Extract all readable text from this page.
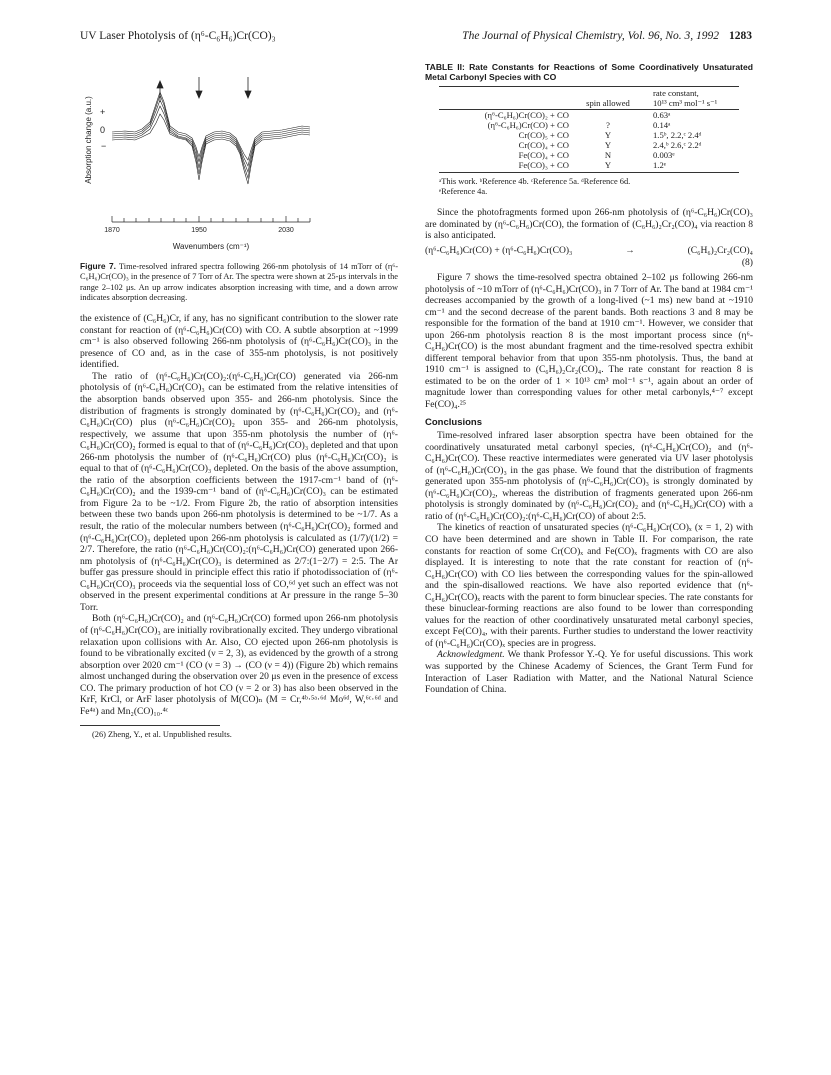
UV Laser Photolysis of (η⁶-C₆H₆)Cr(CO)₃	The Journal of Physical Chemistry, Vol. 96, No. 3, 1992 1283
Absorption change (a.u.) +
0
−
1870	1950	2030
Wavenumbers (cm⁻¹)
Figure 7. Time-resolved infrared spectra following 266-nm photolysis of 14 mTorr of (η⁶-C₆H₆)Cr(CO)₃ in the presence of 7 Torr of Ar. The spectra were shown at 25-μs intervals in the range 2–102 μs. An up arrow indicates absorption increasing with time, and a down arrow indicates absorption decreasing.

the existence of (C₆H₆)Cr, if any, has no significant contribution to the slower rate constant for reaction of (η⁶-C₆H₆)Cr(CO) with CO. A subtle absorption at ~1999 cm⁻¹ is also observed following 266-nm photolysis of (η⁶-C₆H₆)Cr(CO)₃ in the presence of CO and, as in the case of 355-nm photolysis, is not positively identified.

The ratio of (η⁶-C₆H₆)Cr(CO)₂:(η⁶-C₆H₆)Cr(CO) generated via 266-nm photolysis of (η⁶-C₆H₆)Cr(CO)₃ can be estimated from the relative intensities of the absorption bands observed upon 355- and 266-nm photolysis. Since the distribution of fragments is strongly dominated by (η⁶-C₆H₆)Cr(CO)₂ and (η⁶-C₆H₆)Cr(CO) plus (η⁶-C₆H₆)Cr(CO)₂ upon 355- and 266-nm photolysis, respectively, we assume that upon 355-nm photolysis the number of (η⁶-C₆H₆)Cr(CO)₂ formed is equal to that of (η⁶-C₆H₆)Cr(CO)₃ depleted and that upon 266-nm photolysis the number of (η⁶-C₆H₆)Cr(CO) plus (η⁶-C₆H₆)Cr(CO)₂ is equal to that of (η⁶-C₆H₆)Cr(CO)₃ depleted. On the basis of the above assumption, the ratio of the absorption coefficients between the 1917-cm⁻¹ band of (η⁶-C₆H₆)Cr(CO)₂ and the 1939-cm⁻¹ band of (η⁶-C₆H₆)Cr(CO)₃ can be estimated from Figure 2a to be ~1/2. From Figure 2b, the ratio of absorption intensities between these two bands upon 266-nm photolysis is determined to be ~1/7. As a result, the ratio of the molecular numbers between (η⁶-C₆H₆)Cr(CO)₂ formed and (η⁶-C₆H₆)Cr(CO)₃ depleted upon 266-nm photolysis is calculated as (1/7)/(1/2) = 2/7. Therefore, the ratio (η⁶-C₆H₆)Cr(CO)₂:(η⁶-C₆H₆)Cr(CO) generated upon 266-nm photolysis of (η⁶-C₆H₆)Cr(CO)₃ is determined as 2/7:(1−2/7) = 2:5. The Ar buffer gas pressure should in principle effect this ratio if photodissociation of (η⁶-C₆H₆)Cr(CO)₃ proceeds via the sequential loss of CO,⁶ᵈ yet such an effect was not observed in the present experimental conditions at Ar pressure in the range 5–30 Torr.

Both (η⁶-C₆H₆)Cr(CO)₂ and (η⁶-C₆H₆)Cr(CO) formed upon 266-nm photolysis of (η⁶-C₆H₆)Cr(CO)₃ are initially rovibrationally excited. They undergo vibrational relaxation upon collisions with Ar. Also, CO ejected upon 266-nm photolysis is found to be vibrationally excited (ν = 2, 3), as evidenced by the growth of a strong absorption over 2020 cm⁻¹ (CO (ν = 3) → (CO (ν = 4)) (Figure 2b) which remains almost unchanged during the observation over 20 μs even in the presence of excess CO. The primary production of hot CO (ν = 2 or 3) has also been observed in the KrF, KrCl, or ArF laser photolysis of M(CO)ₙ (M = Cr,⁴ᵇ·⁵ᵃ·⁶ᵈ Mo⁶ᵈ, W,⁶ᶜ·⁶ᵈ and Fe⁴ᵃ) and Mn₂(CO)₁₀.⁴ᶜ

(26) Zheng, Y., et al. Unpublished results.
TABLE II: Rate Constants for Reactions of Some Coordinatively Unsaturated Metal Carbonyl Species with CO
	spin allowed	rate constant,
10¹³ cm³ mol⁻¹ s⁻¹
(η⁶-C₆H₆)Cr(CO)₂ + CO		0.63ᵃ
(η⁶-C₆H₆)Cr(CO) + CO	?	0.14ᵃ
Cr(CO)₅ + CO	Y	1.5ᵇ, 2.2,ᶜ 2.4ᵈ
Cr(CO)₄ + CO	Y	2.4,ᵇ 2.6,ᶜ 2.2ᵈ
Fe(CO)₄ + CO	N	0.003ᵉ
Fe(CO)₃ + CO	Y	1.2ᵉ
ᵃThis work. ᵇReference 4b. ᶜReference 5a. ᵈReference 6d.
ᵉReference 4a.

Since the photofragments formed upon 266-nm photolysis of (η⁶-C₆H₆)Cr(CO)₃ are dominated by (η⁶-C₆H₆)Cr(CO), the formation of (C₆H₆)₂Cr₂(CO)₄ via reaction 8 is also anticipated.

(η⁶-C₆H₆)Cr(CO) + (η⁶-C₆H₆)Cr(CO)₃	→	(C₆H₆)₂Cr₂(CO)₄
(8)

Figure 7 shows the time-resolved spectra obtained 2–102 μs following 266-nm photolysis of ~10 mTorr of (η⁶-C₆H₆)Cr(CO)₃ in 7 Torr of Ar. The band at 1984 cm⁻¹ decreases accompanied by the growth of a long-lived (~1 ms) new band at ~1910 cm⁻¹ and the second decrease of the parent bands. Both reactions 3 and 8 may be responsible for the formation of the band at 1910 cm⁻¹. However, we consider that upon 266-nm photolysis reaction 8 is the most important process since (η⁶-C₆H₆)Cr(CO) is the most abundant fragment and the time-resolved spectra exhibit different temporal behavior from that upon 355-nm photolysis. Thus, the band at 1910 cm⁻¹ is assigned to (C₆H₆)₂Cr₂(CO)₄. The rate constant for reaction 8 is estimated to be on the order of 1 × 10¹³ cm³ mol⁻¹ s⁻¹, again about an order of magnitude lower than corresponding values for other metal carbonyls,⁴⁻⁷ except Fe(CO)₄.²⁵

Conclusions

Time-resolved infrared laser absorption spectra have been obtained for the coordinatively unsaturated metal carbonyl species, (η⁶-C₆H₆)Cr(CO)₂ and (η⁶-C₆H₆)Cr(CO). These reactive intermediates were generated via UV laser photolysis of (η⁶-C₆H₆)Cr(CO)₃ in the gas phase. We found that the distribution of fragments generated upon 355-nm photolysis of (η⁶-C₆H₆)Cr(CO)₃ is strongly dominated by (η⁶-C₆H₆)Cr(CO)₂, whereas the distribution of fragments generated upon 266-nm photolysis is strongly dominated by (η⁶-C₆H₆)Cr(CO)₂ and (η⁶-C₆H₆)Cr(CO) with a ratio of (η⁶-C₆H₆)Cr(CO)₂:(η⁶-C₆H₆)Cr(CO) of about 2:5.

The kinetics of reaction of unsaturated species (η⁶-C₆H₆)Cr(CO)ₓ (x = 1, 2) with CO have been determined and are shown in Table II. For comparison, the rate constants for reaction of some Cr(CO)ₓ and Fe(CO)ₓ fragments with CO are also displayed. It is interesting to note that the rate constant for reaction of (η⁶-C₆H₆)Cr(CO) with CO lies between the corresponding values for the spin-allowed and the spin-disallowed reactions. We have also reported evidence that (η⁶-C₆H₆)Cr(CO)ₓ reacts with the parent to form binuclear species. The rate constants for these binuclear-forming reactions are also found to be lower than corresponding values for the reaction of other coordinatively unsaturated metal carbonyl species, except Fe(CO)₄, with their parents. Further studies to understand the lower reactivity of (η⁶-C₆H₆)Cr(CO)ₓ species are in progress.

Acknowledgment. We thank Professor Y.-Q. Ye for useful discussions. This work was supported by the Chinese Academy of Sciences, the Grant Term Fund for Interaction of Laser Radiation with Matter, and the National Natural Science Foundation of China.
